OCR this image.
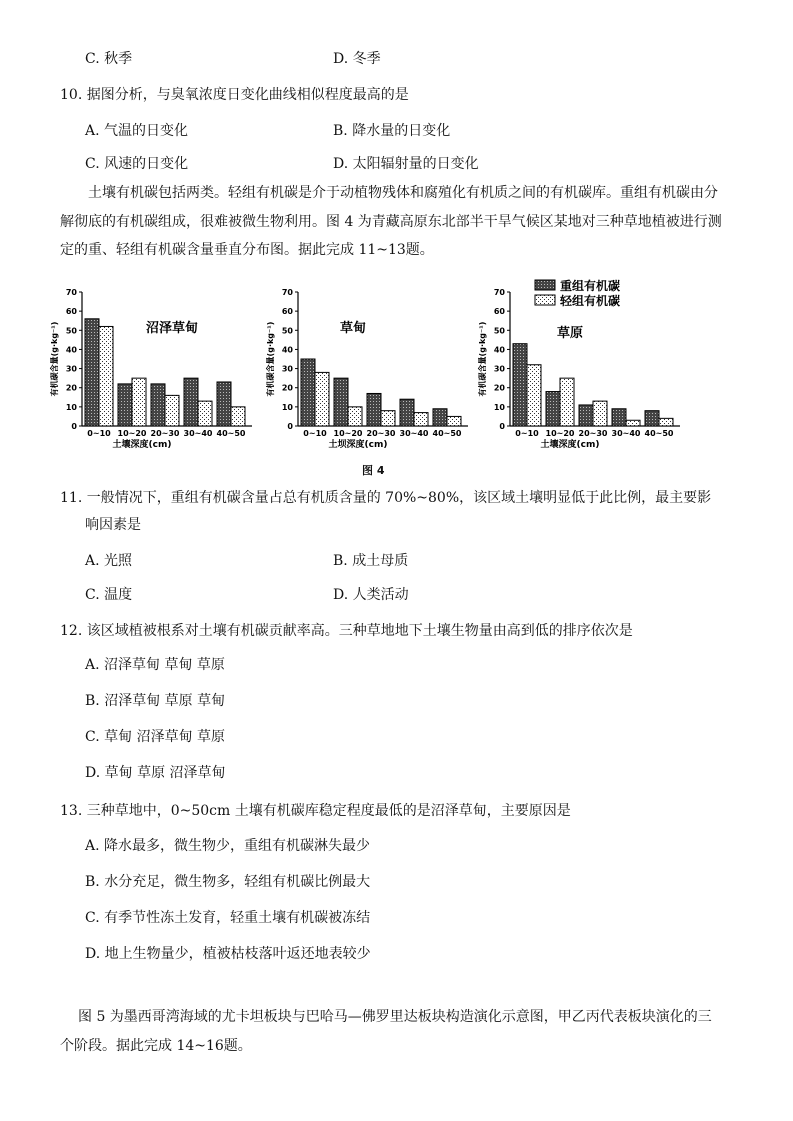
C. 秋季	D. 冬季
10. 据图分析，与臭氧浓度日变化曲线相似程度最高的是
A. 气温的日变化	B. 降水量的日变化
C. 风速的日变化	D. 太阳辐射量的日变化
土壤有机碳包括两类。轻组有机碳是介于动植物残体和腐殖化有机质之间的有机碳库。重组有机碳由分
解彻底的有机碳组成，很难被微生物利用。图 4 为青藏高原东北部半干旱气候区某地对三种草地植被进行测
定的重、轻组有机碳含量垂直分布图。据此完成 11~13题。
重组有机碳
轻组有机碳
0
10
20
30
40
50
60
70
有机碳含量(g·kg⁻¹)	沼泽草甸
0~10 10~20 20~30 30~40 40~50
土壤深度(cm)
0
10
20
30
40
50
60
70
有机碳含量(g·kg⁻¹)	草甸
0~10 10~20 20~30 30~40 40~50
土坝深度(cm)
0
10
20
30
40
50
60
70
有机碳含量(g·kg⁻¹)	草原
0~10 10~20 20~30 30~40 40~50
土壤深度(cm)
图 4
11. 一般情况下，重组有机碳含量占总有机质含量的 70%~80%，该区域土壤明显低于此比例，最主要影
响因素是
A. 光照	B. 成土母质
C. 温度	D. 人类活动
12. 该区域植被根系对土壤有机碳贡献率高。三种草地地下土壤生物量由高到低的排序依次是
A. 沼泽草甸 草甸 草原
B. 沼泽草甸 草原 草甸
C. 草甸 沼泽草甸 草原
D. 草甸 草原 沼泽草甸
13. 三种草地中，0~50cm 土壤有机碳库稳定程度最低的是沼泽草甸，主要原因是
A. 降水最多，微生物少，重组有机碳淋失最少
B. 水分充足，微生物多，轻组有机碳比例最大
C. 有季节性冻土发育，轻重土壤有机碳被冻结
D. 地上生物量少，植被枯枝落叶返还地表较少
图 5 为墨西哥湾海域的尤卡坦板块与巴哈马—佛罗里达板块构造演化示意图，甲乙丙代表板块演化的三
个阶段。据此完成 14~16题。
